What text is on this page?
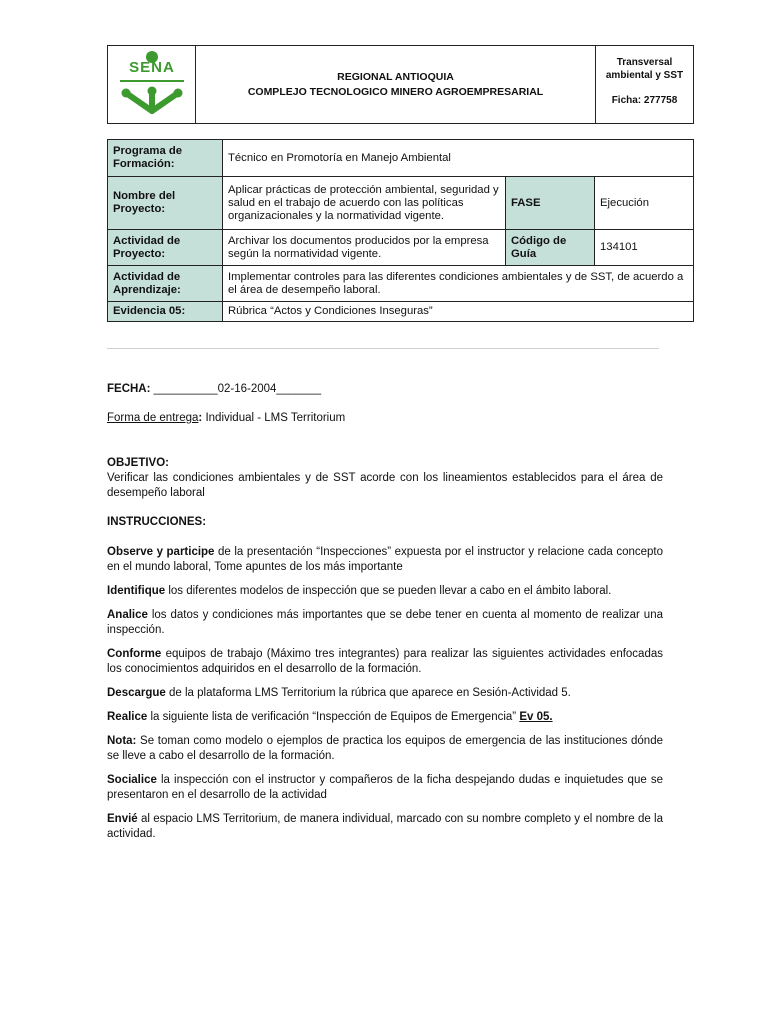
SENA
REGIONAL ANTIOQUIA
COMPLEJO TECNOLOGICO MINERO AGROEMPRESARIAL
Transversal
ambiental y SST
Ficha: 277758
Programa de Formación:	Técnico en Promotoría en Manejo Ambiental		
Nombre del Proyecto:	Aplicar prácticas de protección ambiental, seguridad y salud en el trabajo de acuerdo con las políticas organizacionales y la normatividad vigente.	FASE	Ejecución
Actividad de Proyecto:	Archivar los documentos producidos por la empresa según la normatividad vigente.	Código de Guía	134101
Actividad de Aprendizaje:	Implementar controles para las diferentes condiciones ambientales y de SST, de acuerdo a el área de desempeño laboral.		
Evidencia 05:	Rúbrica “Actos y Condiciones Inseguras”		

FECHA: __________02-16-2004_______

Forma de entrega: Individual - LMS Territorium

OBJETIVO:

Verificar las condiciones ambientales y de SST acorde con los lineamientos establecidos para el área de desempeño laboral

INSTRUCCIONES:

Observe y participe de la presentación “Inspecciones” expuesta por el instructor y relacione cada concepto en el mundo laboral, Tome apuntes de los más importante

Identifique los diferentes modelos de inspección que se pueden llevar a cabo en el ámbito laboral.

Analice los datos y condiciones más importantes que se debe tener en cuenta al momento de realizar una inspección.

Conforme equipos de trabajo (Máximo tres integrantes) para realizar las siguientes actividades enfocadas los conocimientos adquiridos en el desarrollo de la formación.

Descargue de la plataforma LMS Territorium la rúbrica que aparece en Sesión-Actividad 5.

Realice la siguiente lista de verificación “Inspección de Equipos de Emergencia” Ev 05.

Nota: Se toman como modelo o ejemplos de practica los equipos de emergencia de las instituciones dónde se lleve a cabo el desarrollo de la formación.

Socialice la inspección con el instructor y compañeros de la ficha despejando dudas e inquietudes que se presentaron en el desarrollo de la actividad

Envié al espacio LMS Territorium, de manera individual, marcado con su nombre completo y el nombre de la actividad.
